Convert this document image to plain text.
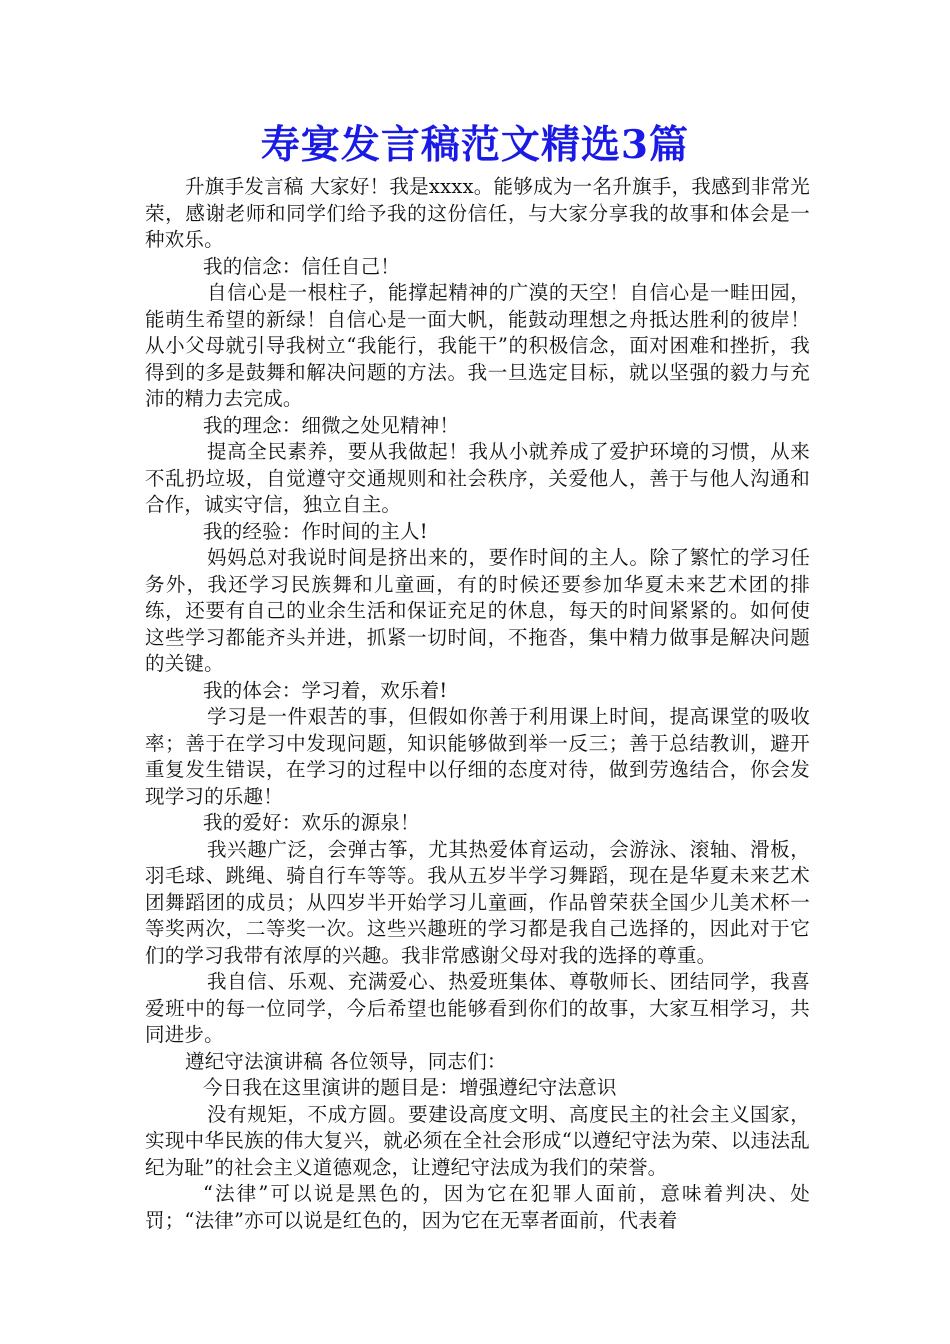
寿宴发言稿范文精选3篇

升旗手发言稿 大家好！我是xxxx。能够成为一名升旗手，我感到非常光荣，感谢老师和同学们给予我的这份信任，与大家分享我的故事和体会是一种欢乐。

我的信念：信任自己！

自信心是一根柱子，能撑起精神的广漠的天空！自信心是一畦田园，能萌生希望的新绿！自信心是一面大帆，能鼓动理想之舟抵达胜利的彼岸！从小父母就引导我树立“我能行，我能干”的积极信念，面对困难和挫折，我得到的多是鼓舞和解决问题的方法。我一旦选定目标，就以坚强的毅力与充沛的精力去完成。

我的理念：细微之处见精神！

提高全民素养，要从我做起！我从小就养成了爱护环境的习惯，从来不乱扔垃圾，自觉遵守交通规则和社会秩序，关爱他人，善于与他人沟通和合作，诚实守信，独立自主。

我的经验：作时间的主人!

妈妈总对我说时间是挤出来的，要作时间的主人。除了繁忙的学习任务外，我还学习民族舞和儿童画，有的时候还要参加华夏未来艺术团的排练，还要有自己的业余生活和保证充足的休息，每天的时间紧紧的。如何使这些学习都能齐头并进，抓紧一切时间，不拖沓，集中精力做事是解决问题的关键。

我的体会：学习着，欢乐着!

学习是一件艰苦的事，但假如你善于利用课上时间，提高课堂的吸收率；善于在学习中发现问题，知识能够做到举一反三；善于总结教训，避开重复发生错误，在学习的过程中以仔细的态度对待，做到劳逸结合，你会发现学习的乐趣！

我的爱好：欢乐的源泉！

我兴趣广泛，会弹古筝，尤其热爱体育运动，会游泳、滚轴、滑板，羽毛球、跳绳、骑自行车等等。我从五岁半学习舞蹈，现在是华夏未来艺术团舞蹈团的成员；从四岁半开始学习儿童画，作品曾荣获全国少儿美术杯一等奖两次，二等奖一次。这些兴趣班的学习都是我自己选择的，因此对于它们的学习我带有浓厚的兴趣。我非常感谢父母对我的选择的尊重。

我自信、乐观、充满爱心、热爱班集体、尊敬师长、团结同学，我喜爱班中的每一位同学，今后希望也能够看到你们的故事，大家互相学习，共同进步。

遵纪守法演讲稿 各位领导，同志们：

今日我在这里演讲的题目是：增强遵纪守法意识

没有规矩，不成方圆。要建设高度文明、高度民主的社会主义国家，实现中华民族的伟大复兴，就必须在全社会形成“以遵纪守法为荣、以违法乱纪为耻”的社会主义道德观念，让遵纪守法成为我们的荣誉。

“法律”可以说是黑色的，因为它在犯罪人面前，意味着判决、处罚；“法律”亦可以说是红色的，因为它在无辜者面前，代表着
